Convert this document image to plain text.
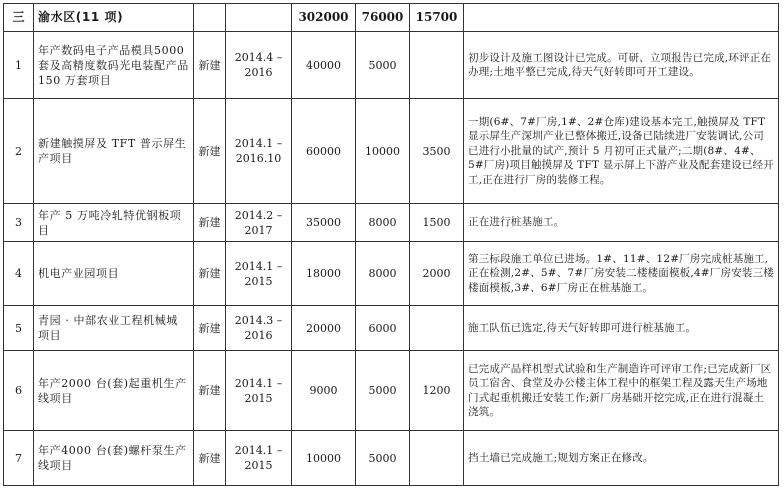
三	渝水区(11 项)			302000	76000	15700	
1	年产数码电子产品模具5000套及高精度数码光电装配产品 150 万套项目	新建	2014.4 – 2016	40000	5000		初步设计及施工图设计已完成。可研、立项报告已完成,环评正在办理;土地平整已完成,待天气好转即可开工建设。
2	新建触摸屏及 TFT 普示屏生产项目	新建	2014.1 – 2016.10	60000	10000	3500	一期(6#、7#厂房,1#、2#仓库)建设基本完工,触摸屏及 TFT 显示屏生产深圳产业已整体搬迁,设备已陆续进厂安装调试,公司已进行小批量的试产,预计 5 月初可正式量产;二期(8#、4#、5#厂房)项目触摸屏及 TFT 显示屏上下游产业及配套建设已经开工,正在进行厂房的装修工程。
3	年产 5 万吨冷轧特优钢板项目	新建	2014.2 – 2017	35000	8000	1500	正在进行桩基施工。
4	机电产业园项目	新建	2014.1 – 2015	18000	8000	2000	第三标段施工单位已进场。1#、11#、12#厂房完成桩基施工,正在检测,2#、5#、7#厂房安装二楼楼面模板,4#厂房安装三楼楼面模板,3#、6#厂房正在桩基施工。
5	青园 · 中部农业工程机械城项目	新建	2014.3 – 2016	20000	6000		施工队伍已选定,待天气好转即可进行桩基施工。
6	年产2000 台(套)起重机生产线项目	新建	2014.1 – 2015	9000	5000	1200	已完成产品样机型式试验和生产制造许可评审工作;已完成新厂区员工宿舍、食堂及办公楼主体工程中的框架工程及露天生产场地门式起重机搬迁安装工作;新厂房基础开挖完成,正在进行混凝土浇筑。
7	年产4000 台(套)螺杆泵生产线项目	新建	2014.1 – 2015	10000	5000		挡土墙已完成施工;规划方案正在修改。
